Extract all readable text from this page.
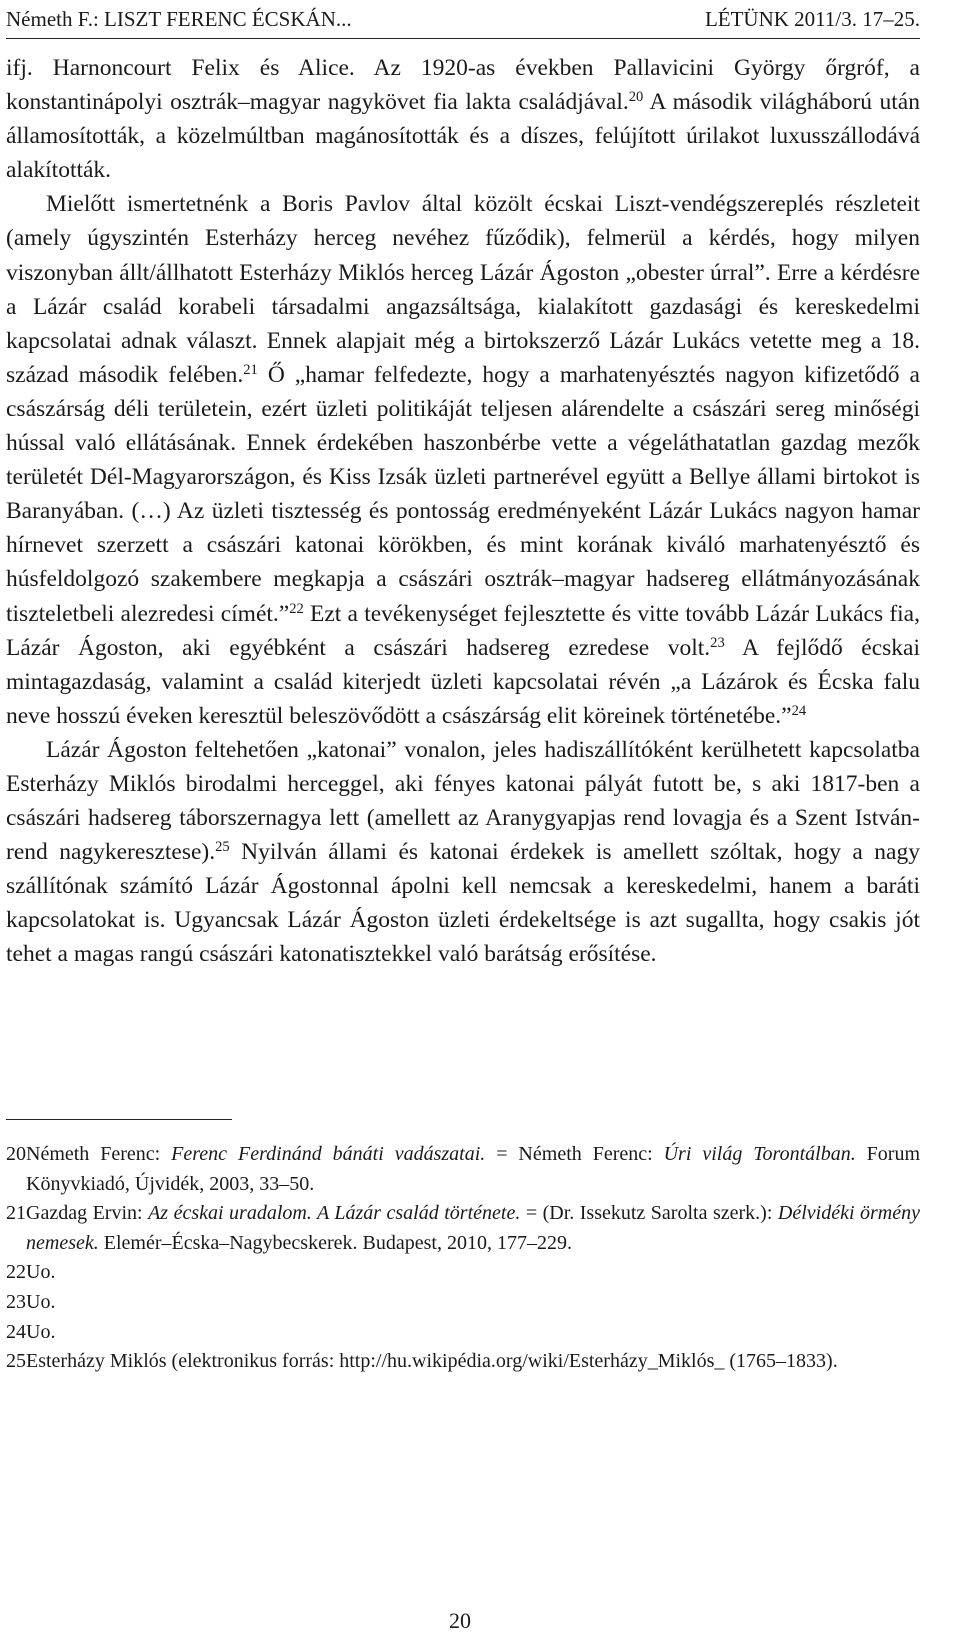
Németh F.: LISZT FERENC ÉCSKÁN...	LÉTÜNK 2011/3. 17–25.

ifj. Harnoncourt Felix és Alice. Az 1920-as években Pallavicini György őrgróf, a konstantinápolyi osztrák–magyar nagykövet fia lakta családjával.$^{20}$ A második világháború után államosították, a közelmúltban magánosították és a díszes, felújított úrilakot luxusszállodává alakították.

Mielőtt ismertetnénk a Boris Pavlov által közölt écskai Liszt-vendégszereplés részleteit (amely úgyszintén Esterházy herceg nevéhez fűződik), felmerül a kérdés, hogy milyen viszonyban állt/állhatott Esterházy Miklós herceg Lázár Ágoston „obester úrral”. Erre a kérdésre a Lázár család korabeli társadalmi angazsáltsága, kialakított gazdasági és kereskedelmi kapcsolatai adnak választ. Ennek alapjait még a birtokszerző Lázár Lukács vetette meg a 18. század második felében.$^{21}$ Ő „hamar felfedezte, hogy a marhatenyésztés nagyon kifizetődő a császárság déli területein, ezért üzleti politikáját teljesen alárendelte a császári sereg minőségi hússal való ellátásának. Ennek érdekében haszonbérbe vette a végeláthatatlan gazdag mezők területét Dél-Magyarországon, és Kiss Izsák üzleti partnerével együtt a Bellye állami birtokot is Baranyában. (…) Az üzleti tisztesség és pontosság eredményeként Lázár Lukács nagyon hamar hírnevet szerzett a császári katonai körökben, és mint korának kiváló marhatenyésztő és húsfeldolgozó szakembere megkapja a császári osztrák–magyar hadsereg ellátmányozásának tiszteletbeli alezredesi címét.”$^{22}$ Ezt a tevékenységet fejlesztette és vitte tovább Lázár Lukács fia, Lázár Ágoston, aki egyébként a császári hadsereg ezredese volt.$^{23}$ A fejlődő écskai mintagazdaság, valamint a család kiterjedt üzleti kapcsolatai révén „a Lázárok és Écska falu neve hosszú éveken keresztül beleszövődött a császárság elit köreinek történetébe.”$^{24}$

Lázár Ágoston feltehetően „katonai” vonalon, jeles hadiszállítóként kerülhetett kapcsolatba Esterházy Miklós birodalmi herceggel, aki fényes katonai pályát futott be, s aki 1817-ben a császári hadsereg táborszernagya lett (amellett az Aranygyapjas rend lovagja és a Szent István-rend nagykeresztese).$^{25}$ Nyilván állami és katonai érdekek is amellett szóltak, hogy a nagy szállítónak számító Lázár Ágostonnal ápolni kell nemcsak a kereskedelmi, hanem a baráti kapcsolatokat is. Ugyancsak Lázár Ágoston üzleti érdekeltsége is azt sugallta, hogy csakis jót tehet a magas rangú császári katonatisztekkel való barátság erősítése.

20 Németh Ferenc: Ferenc Ferdinánd bánáti vadászatai. = Németh Ferenc: Úri világ Torontálban. Forum Könyvkiadó, Újvidék, 2003, 33–50.

21 Gazdag Ervin: Az écskai uradalom. A Lázár család története. = (Dr. Issekutz Sarolta szerk.): Délvidéki örmény nemesek. Elemér–Écska–Nagybecskerek. Budapest, 2010, 177–229.

22 Uo.

23 Uo.

24 Uo.

25 Esterházy Miklós (elektronikus forrás: http://hu.wikipédia.org/wiki/Esterházy_Miklós_ (1765–1833).

20
